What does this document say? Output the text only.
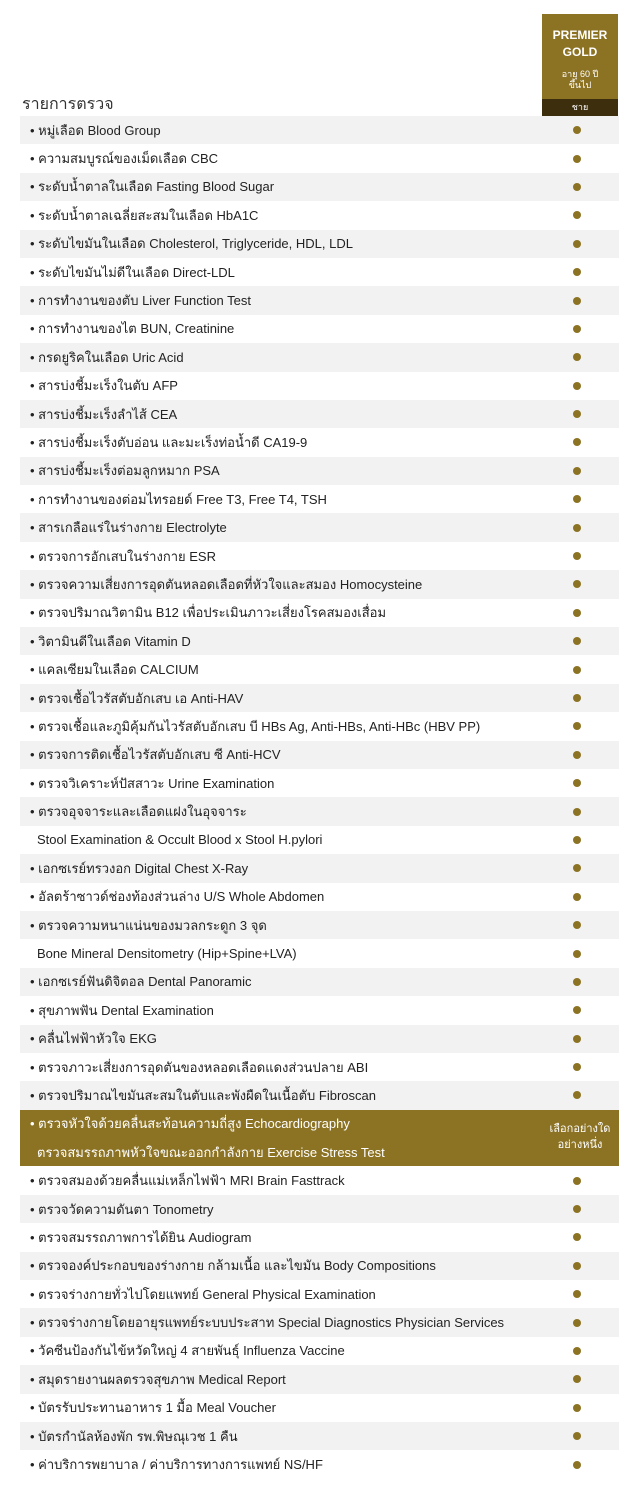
รายการตรวจ
PREMIER
GOLD
อายุ 60 ปี
ขึ้นไป
ชาย
• หมู่เลือด Blood Group
• ความสมบูรณ์ของเม็ดเลือด CBC
• ระดับน้ำตาลในเลือด Fasting Blood Sugar
• ระดับน้ำตาลเฉลี่ยสะสมในเลือด HbA1C
• ระดับไขมันในเลือด Cholesterol, Triglyceride, HDL, LDL
• ระดับไขมันไม่ดีในเลือด Direct-LDL
• การทำงานของตับ Liver Function Test
• การทำงานของไต BUN, Creatinine
• กรดยูริคในเลือด Uric Acid
• สารบ่งชี้มะเร็งในตับ AFP
• สารบ่งชี้มะเร็งลำไส้ CEA
• สารบ่งชี้มะเร็งตับอ่อน และมะเร็งท่อน้ำดี CA19-9
• สารบ่งชี้มะเร็งต่อมลูกหมาก PSA
• การทำงานของต่อมไทรอยด์ Free T3, Free T4, TSH
• สารเกลือแร่ในร่างกาย Electrolyte
• ตรวจการอักเสบในร่างกาย ESR
• ตรวจความเสี่ยงการอุดตันหลอดเลือดที่หัวใจและสมอง Homocysteine
• ตรวจปริมาณวิตามิน B12 เพื่อประเมินภาวะเสี่ยงโรคสมองเสื่อม
• วิตามินดีในเลือด Vitamin D
• แคลเซียมในเลือด CALCIUM
• ตรวจเชื้อไวรัสตับอักเสบ เอ Anti-HAV
• ตรวจเชื้อและภูมิคุ้มกันไวรัสตับอักเสบ บี HBs Ag, Anti-HBs, Anti-HBc (HBV PP)
• ตรวจการติดเชื้อไวรัสตับอักเสบ ซี Anti-HCV
• ตรวจวิเคราะห์ปัสสาวะ Urine Examination
• ตรวจอุจจาระและเลือดแฝงในอุจจาระ
Stool Examination & Occult Blood x Stool H.pylori
• เอกซเรย์ทรวงอก Digital Chest X-Ray
• อัลตร้าซาวด์ช่องท้องส่วนล่าง U/S Whole Abdomen
• ตรวจความหนาแน่นของมวลกระดูก 3 จุด
Bone Mineral Densitometry (Hip+Spine+LVA)
• เอกซเรย์ฟันดิจิตอล Dental Panoramic
• สุขภาพฟัน Dental Examination
• คลื่นไฟฟ้าหัวใจ EKG
• ตรวจภาวะเสี่ยงการอุดตันของหลอดเลือดแดงส่วนปลาย ABI
• ตรวจปริมาณไขมันสะสมในตับและพังผืดในเนื้อตับ Fibroscan
• ตรวจหัวใจด้วยคลื่นสะท้อนความถี่สูง Echocardiography
ตรวจสมรรถภาพหัวใจขณะออกกำลังกาย Exercise Stress Test
• ตรวจสมองด้วยคลื่นแม่เหล็กไฟฟ้า MRI Brain Fasttrack
• ตรวจวัดความดันตา Tonometry
• ตรวจสมรรถภาพการได้ยิน Audiogram
• ตรวจองค์ประกอบของร่างกาย กล้ามเนื้อ และไขมัน Body Compositions
• ตรวจร่างกายทั่วไปโดยแพทย์ General Physical Examination
• ตรวจร่างกายโดยอายุรแพทย์ระบบประสาท Special Diagnostics Physician Services
• วัคซีนป้องกันไข้หวัดใหญ่ 4 สายพันธุ์ Influenza Vaccine
• สมุดรายงานผลตรวจสุขภาพ Medical Report
• บัตรรับประทานอาหาร 1 มื้อ Meal Voucher
• บัตรกำนัลห้องพัก รพ.พิษณุเวช 1 คืน
• ค่าบริการพยาบาล / ค่าบริการทางการแพทย์ NS/HF
เลือกอย่างใด
อย่างหนึ่ง
